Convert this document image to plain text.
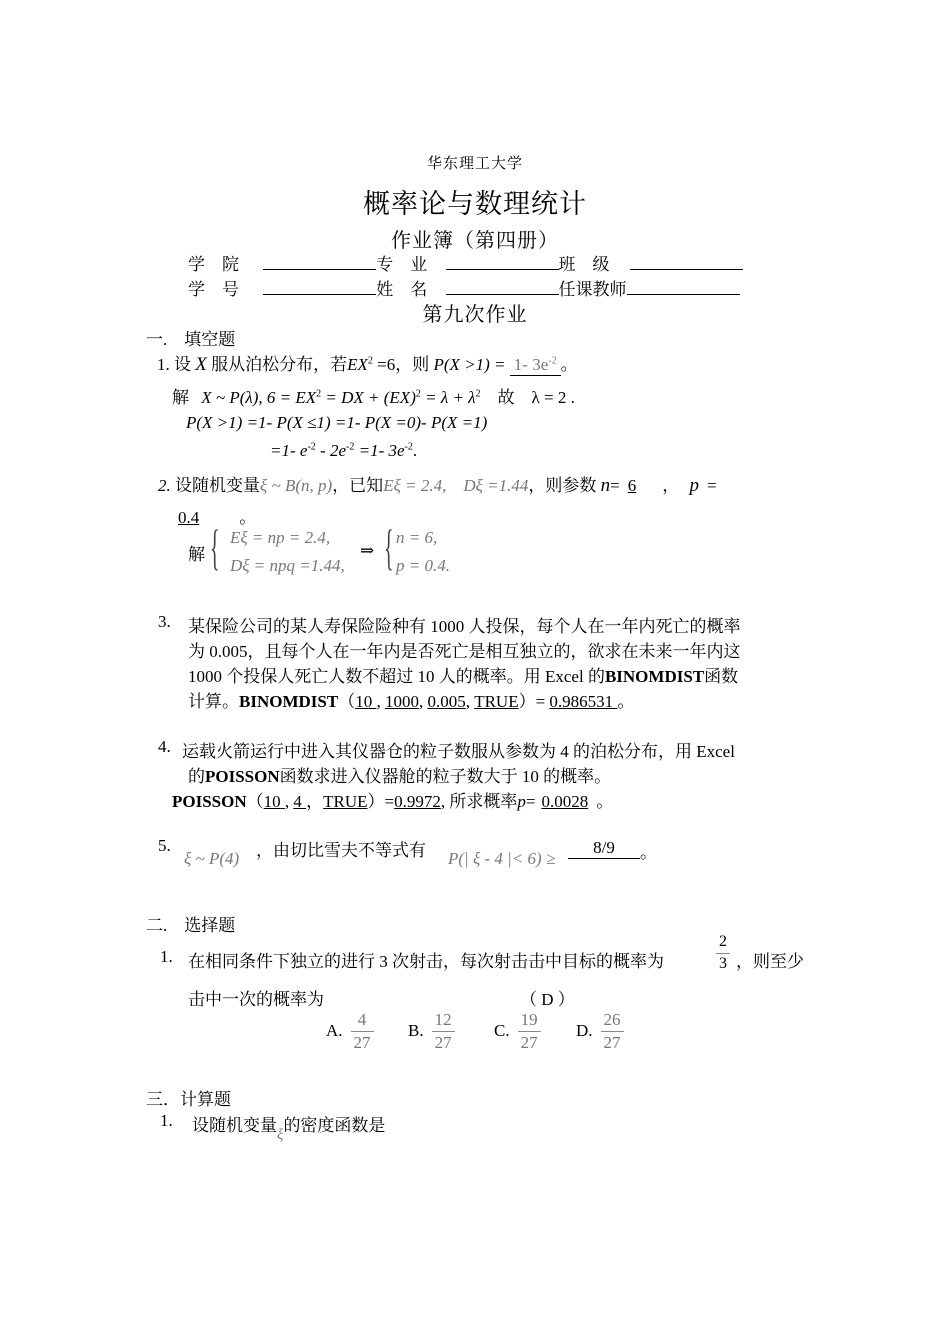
华东理工大学
概率论与数理统计
作业簿（第四册）
学　院	专　业	班　级
学　号	姓　名	任课教师
第九次作业
一.　填空题
1. 设 X 服从泊松分布，若$EX^2 =6$，则 P(X >1) = 1- $3e^{-2}$ 。
解 X ~ P(λ), $6 = EX^2$ = DX + $(EX)^2 = \lambda + \lambda^2$　故　λ = 2 .
P(X >1) =1- P(X ≤1) =1- P(X =0)- P(X =1)
=1- $e^{-2} - 2e^{-2} =1-$ $3e^{-2}$.
2. 设随机变量ξ ~ B(n, p)，已知Eξ = 2.4,　Dξ =1.44，则参数 n= 6 ， p =
0.4 。
解 { Eξ = np = 2.4,
Dξ = npq =1.44,
⇒ { n = 6,
p = 0.4.
3. 某保险公司的某人寿保险险种有 1000 人投保，每个人在一年内死亡的概率
为 0.005，且每个人在一年内是否死亡是相互独立的，欲求在未来一年内这
1000 个投保人死亡人数不超过 10 人的概率。用 Excel 的BINOMDIST函数
计算。BINOMDIST（10 , 1000, 0.005, TRUE）= 0.986531 。
4. 运载火箭运行中进入其仪器仓的粒子数服从参数为 4 的泊松分布，用 Excel
的POISSON函数求进入仪器舱的粒子数大于 10 的概率。
POISSON（10 , 4 ，TRUE）=0.9972, 所求概率p= 0.0028 。
5.
ξ ~ P(4) ，由切比雪夫不等式有 P(| ξ - 4 |< 6) ≥
8/9	。
二.　选择题
1. 在相同条件下独立的进行 3 次射击，每次射击击中目标的概率为	$\frac{2}{3}$ ，则至少
击中一次的概率为	（ D ）
A. $\frac{4}{27} B$. $\frac{12}{27} C$. $\frac{19}{27} D$. $\frac{26}{27}$
三．计算题
1. 设随机变量ξ的密度函数是
